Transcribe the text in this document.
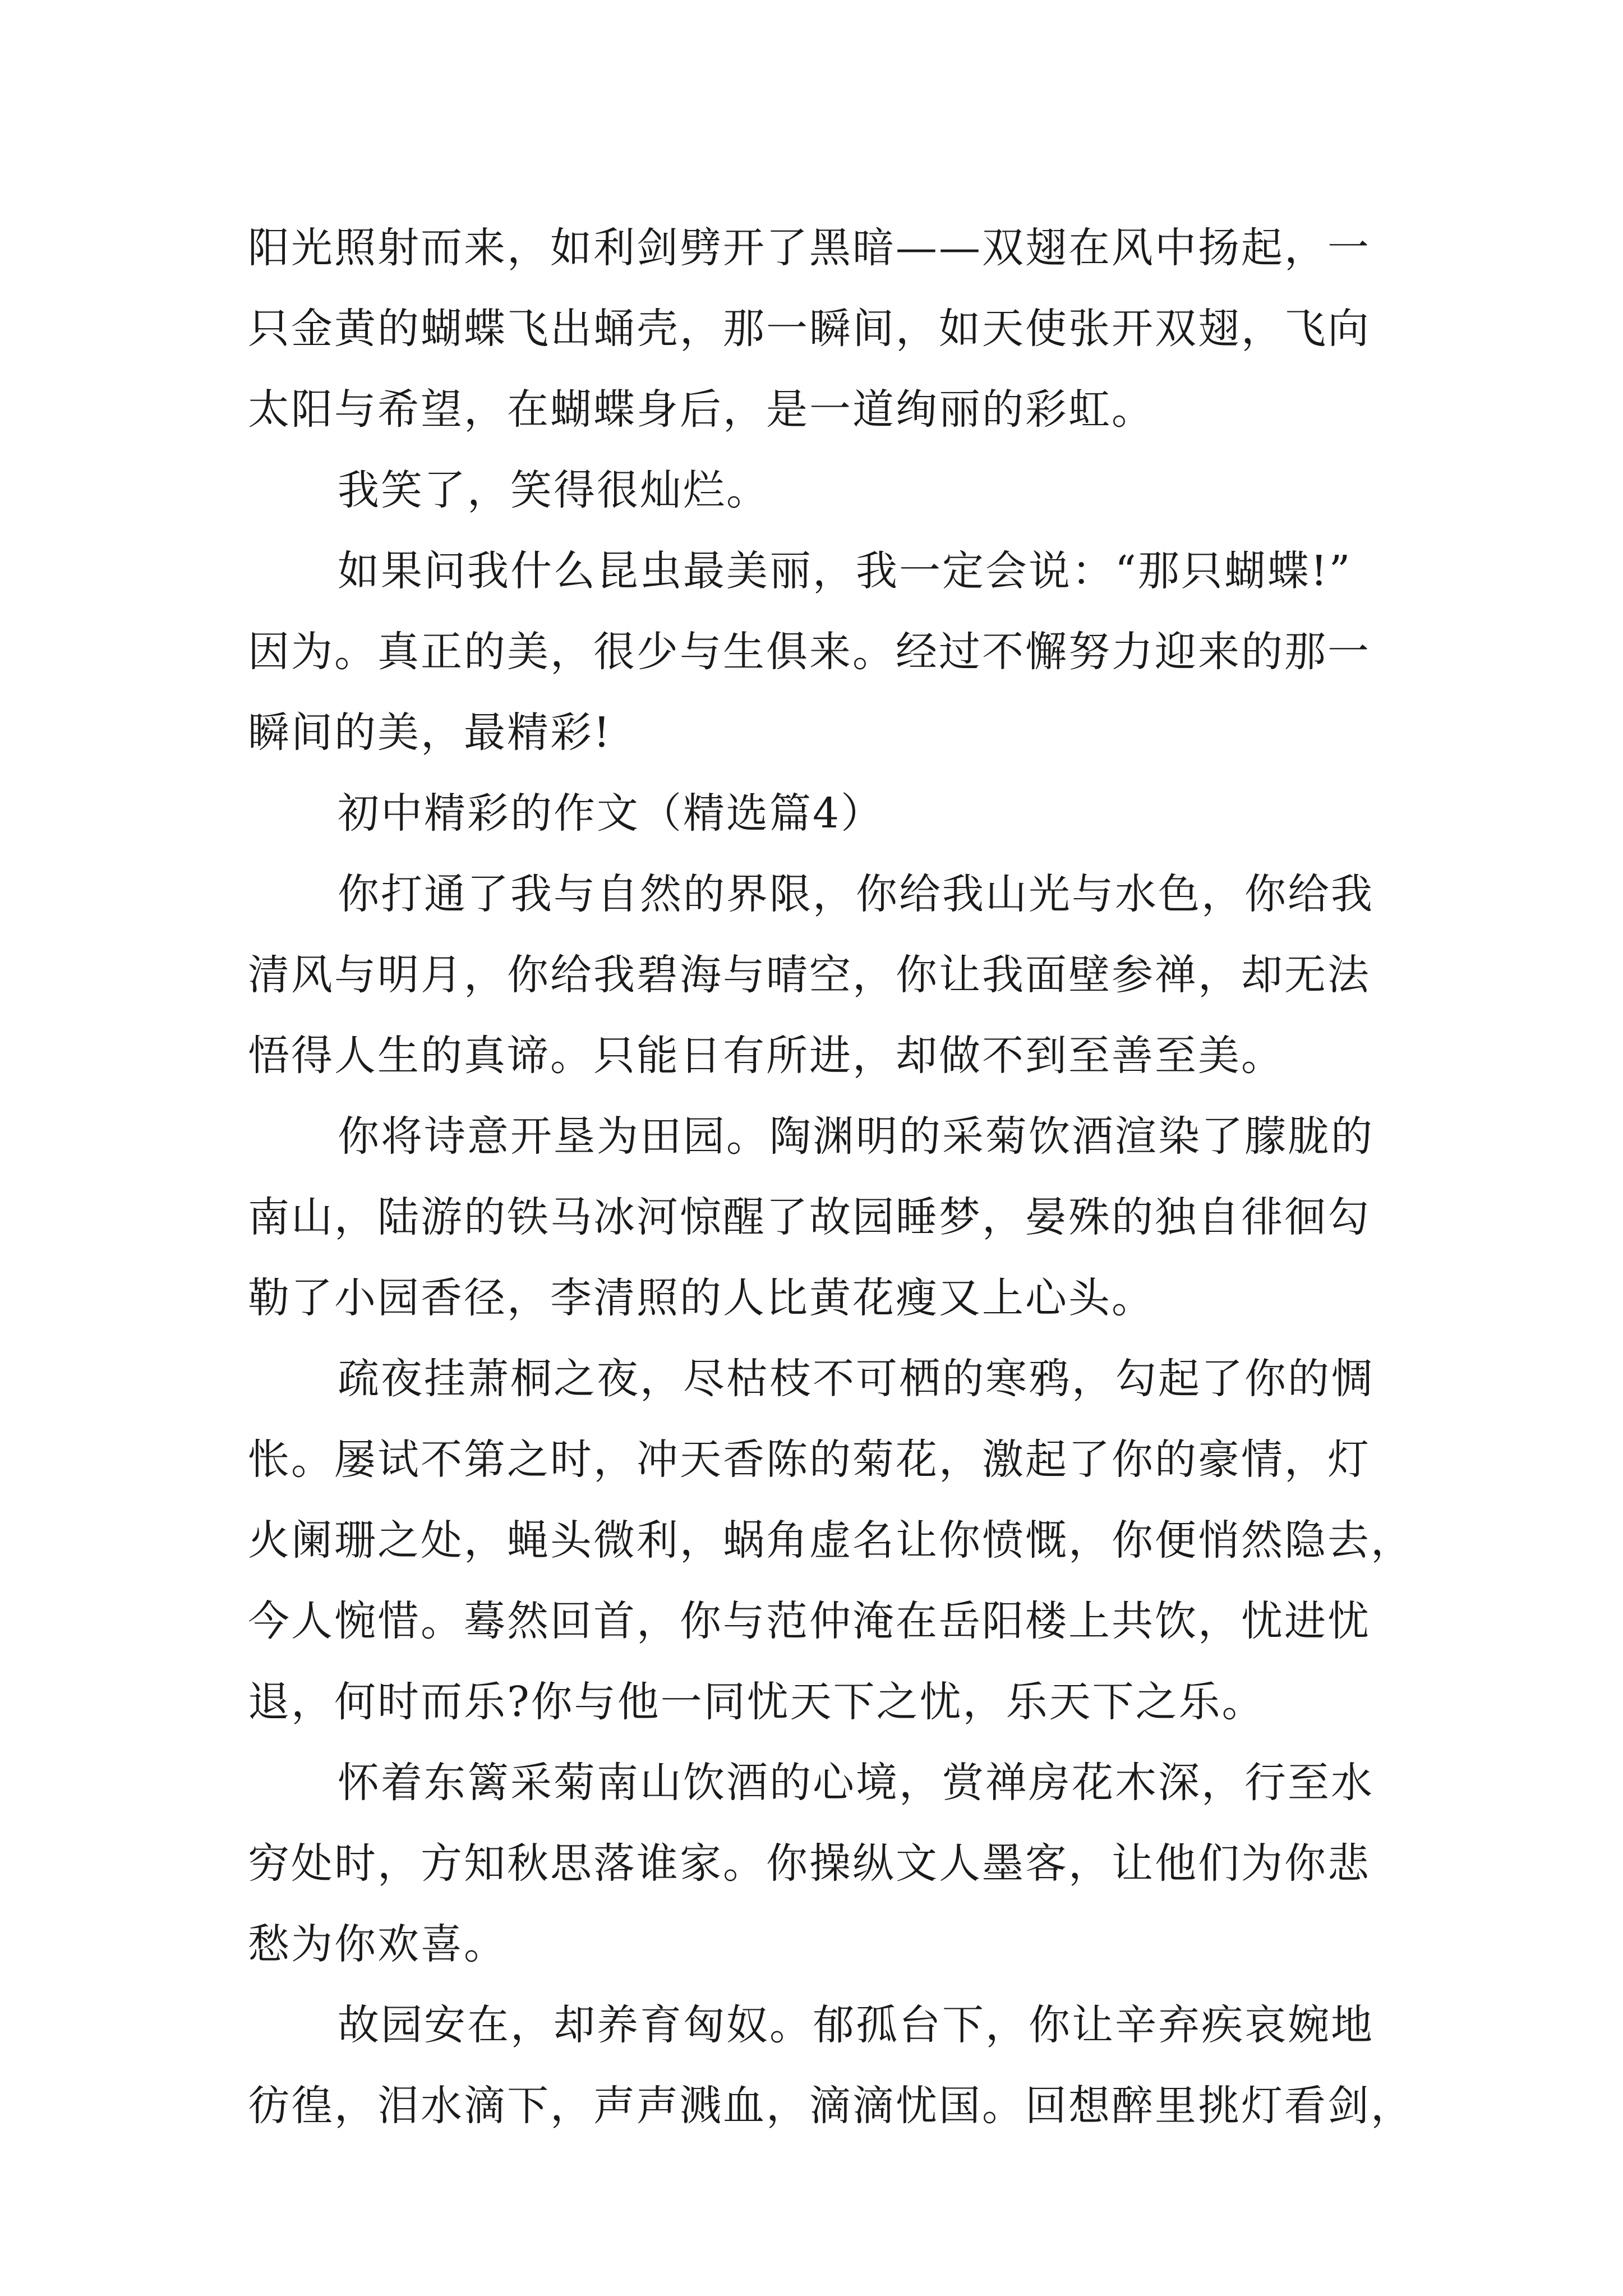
阳光照射而来，如利剑劈开了黑暗——双翅在风中扬起，一
只金黄的蝴蝶飞出蛹壳，那一瞬间，如天使张开双翅，飞向
太阳与希望，在蝴蝶身后，是一道绚丽的彩虹。
我笑了，笑得很灿烂。
如果问我什么昆虫最美丽，我一定会说：“那只蝴蝶!”
因为。真正的美，很少与生俱来。经过不懈努力迎来的那一
瞬间的美，最精彩!
初中精彩的作文（精选篇4）
你打通了我与自然的界限，你给我山光与水色，你给我
清风与明月，你给我碧海与晴空，你让我面壁参禅，却无法
悟得人生的真谛。只能日有所进，却做不到至善至美。
你将诗意开垦为田园。陶渊明的采菊饮酒渲染了朦胧的
南山，陆游的铁马冰河惊醒了故园睡梦，晏殊的独自徘徊勾
勒了小园香径，李清照的人比黄花瘦又上心头。
疏夜挂萧桐之夜，尽枯枝不可栖的寒鸦，勾起了你的惆
怅。屡试不第之时，冲天香陈的菊花，激起了你的豪情，灯
火阑珊之处，蝇头微利，蜗角虚名让你愤慨，你便悄然隐去，
今人惋惜。蓦然回首，你与范仲淹在岳阳楼上共饮，忧进忧
退，何时而乐?你与他一同忧天下之忧，乐天下之乐。
怀着东篱采菊南山饮酒的心境，赏禅房花木深，行至水
穷处时，方知秋思落谁家。你操纵文人墨客，让他们为你悲
愁为你欢喜。
故园安在，却养育匈奴。郁孤台下，你让辛弃疾哀婉地
彷徨，泪水滴下，声声溅血，滴滴忧国。回想醉里挑灯看剑，
